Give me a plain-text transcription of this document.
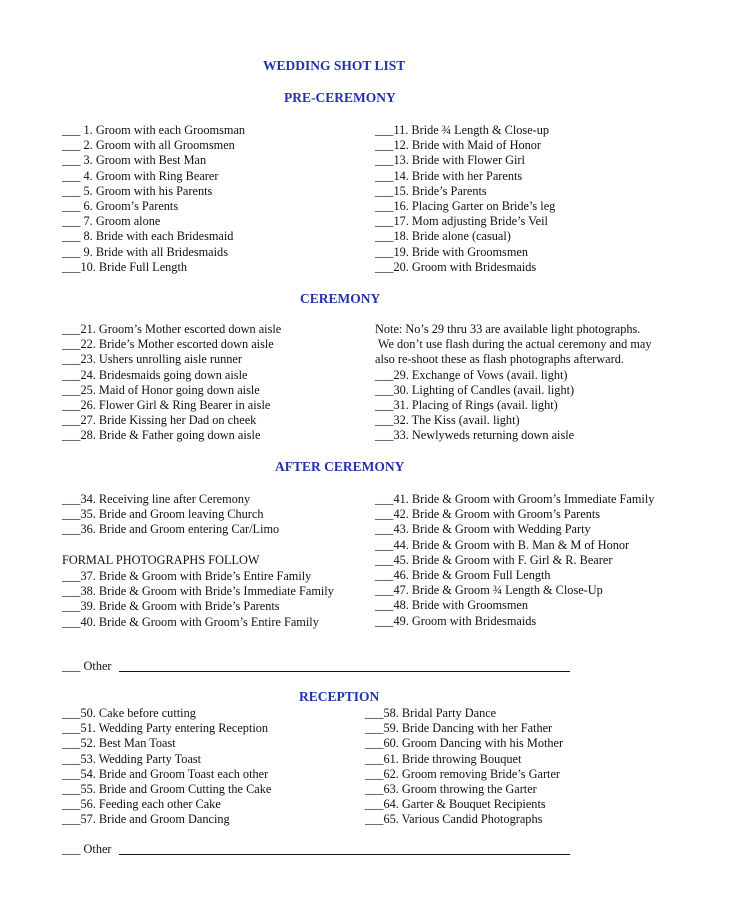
WEDDING SHOT LIST
PRE-CEREMONY
___ 1. Groom with each Groomsman
___ 2. Groom with all Groomsmen
___ 3. Groom with Best Man
___ 4. Groom with Ring Bearer
___ 5. Groom with his Parents
___ 6. Groom’s Parents
___ 7. Groom alone
___ 8. Bride with each Bridesmaid
___ 9. Bride with all Bridesmaids
___10. Bride Full Length
___11. Bride ¾ Length & Close-up
___12. Bride with Maid of Honor
___13. Bride with Flower Girl
___14. Bride with her Parents
___15. Bride’s Parents
___16. Placing Garter on Bride’s leg
___17. Mom adjusting Bride’s Veil
___18. Bride alone (casual)
___19. Bride with Groomsmen
___20. Groom with Bridesmaids
CEREMONY
___21. Groom’s Mother escorted down aisle
___22. Bride’s Mother escorted down aisle
___23. Ushers unrolling aisle runner
___24. Bridesmaids going down aisle
___25. Maid of Honor going down aisle
___26. Flower Girl & Ring Bearer in aisle
___27. Bride Kissing her Dad on cheek
___28. Bride & Father going down aisle
Note: No’s 29 thru 33 are available light photographs.
We don’t use flash during the actual ceremony and may
also re-shoot these as flash photographs afterward.
___29. Exchange of Vows (avail. light)
___30. Lighting of Candles (avail. light)
___31. Placing of Rings (avail. light)
___32. The Kiss (avail. light)
___33. Newlyweds returning down aisle
AFTER CEREMONY
___34. Receiving line after Ceremony
___35. Bride and Groom leaving Church
___36. Bride and Groom entering Car/Limo
FORMAL PHOTOGRAPHS FOLLOW
___37. Bride & Groom with Bride’s Entire Family
___38. Bride & Groom with Bride’s Immediate Family
___39. Bride & Groom with Bride’s Parents
___40. Bride & Groom with Groom’s Entire Family
___41. Bride & Groom with Groom’s Immediate Family
___42. Bride & Groom with Groom’s Parents
___43. Bride & Groom with Wedding Party
___44. Bride & Groom with B. Man & M of Honor
___45. Bride & Groom with F. Girl & R. Bearer
___46. Bride & Groom Full Length
___47. Bride & Groom ¾ Length & Close-Up
___48. Bride with Groomsmen
___49. Groom with Bridesmaids
___ Other
RECEPTION
___50. Cake before cutting
___51. Wedding Party entering Reception
___52. Best Man Toast
___53. Wedding Party Toast
___54. Bride and Groom Toast each other
___55. Bride and Groom Cutting the Cake
___56. Feeding each other Cake
___57. Bride and Groom Dancing
___58. Bridal Party Dance
___59. Bride Dancing with her Father
___60. Groom Dancing with his Mother
___61. Bride throwing Bouquet
___62. Groom removing Bride’s Garter
___63. Groom throwing the Garter
___64. Garter & Bouquet Recipients
___65. Various Candid Photographs
___ Other
